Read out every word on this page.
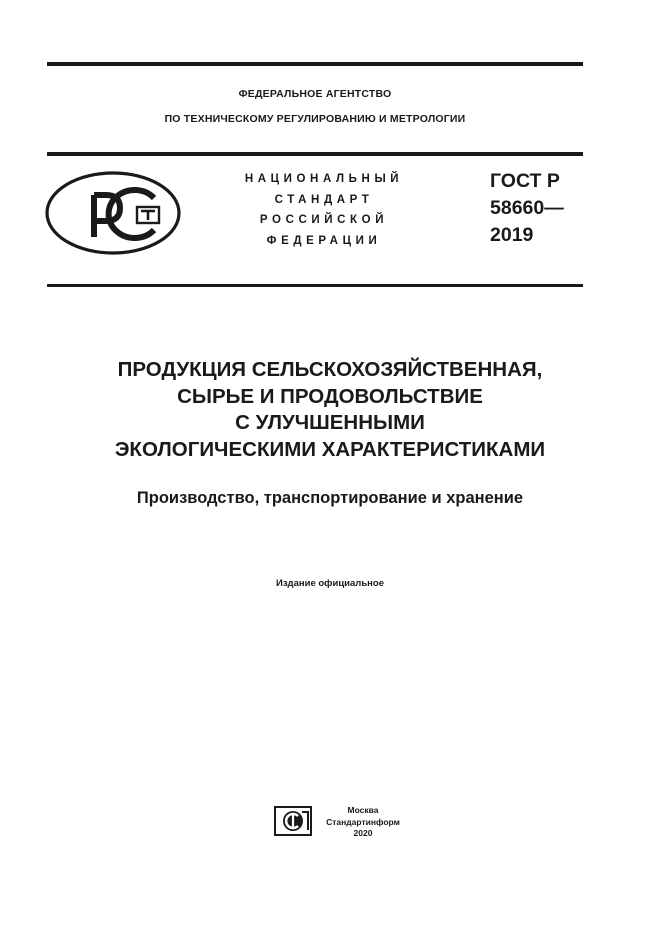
ФЕДЕРАЛЬНОЕ АГЕНТСТВО
ПО ТЕХНИЧЕСКОМУ РЕГУЛИРОВАНИЮ И МЕТРОЛОГИИ
НАЦИОНАЛЬНЫЙ
СТАНДАРТ
РОССИЙСКОЙ
ФЕДЕРАЦИИ
ГОСТ Р
58660—
2019
ПРОДУКЦИЯ СЕЛЬСКОХОЗЯЙСТВЕННАЯ,
СЫРЬЕ И ПРОДОВОЛЬСТВИЕ
С УЛУЧШЕННЫМИ
ЭКОЛОГИЧЕСКИМИ ХАРАКТЕРИСТИКАМИ
Производство, транспортирование и хранение
Издание официальное
Москва
Стандартинформ
2020
